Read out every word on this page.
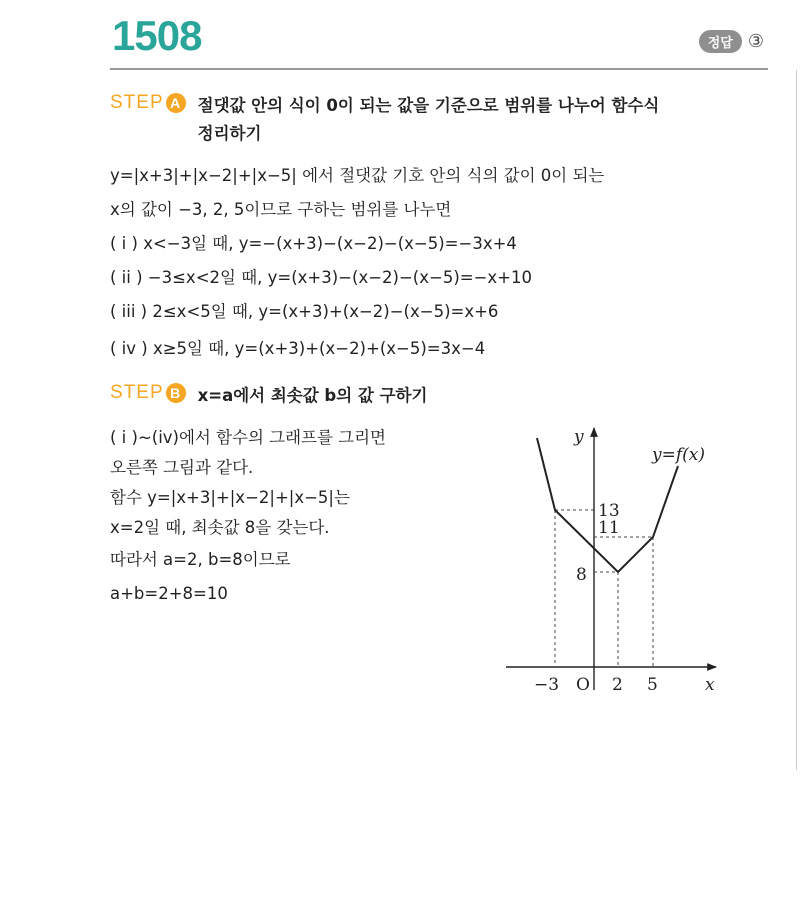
1508	정답 ③
STEP A 절댓값 안의 식이 0이 되는 값을 기준으로 범위를 나누어 함수식
정리하기
y=|x+3|+|x−2|+|x−5| 에서 절댓값 기호 안의 식의 값이 0이 되는
x의 값이 −3, 2, 5이므로 구하는 범위를 나누면
( i ) x<−3일 때, y=−(x+3)−(x−2)−(x−5)=−3x+4
( ii ) −3≤x<2일 때, y=(x+3)−(x−2)−(x−5)=−x+10
( iii ) 2≤x<5일 때, y=(x+3)+(x−2)−(x−5)=x+6
( iv ) x≥5일 때, y=(x+3)+(x−2)+(x−5)=3x−4
STEP B x=a에서 최솟값 b의 값 구하기
( i )~(iv)에서 함수의 그래프를 그리면
오른쪽 그림과 같다.
함수 y=|x+3|+|x−2|+|x−5|는
x=2일 때, 최솟값 8을 갖는다.
따라서 a=2, b=8이므로
a+b=2+8=10
y
x
y=f(x)
13
11
8
−3 O 2 5
